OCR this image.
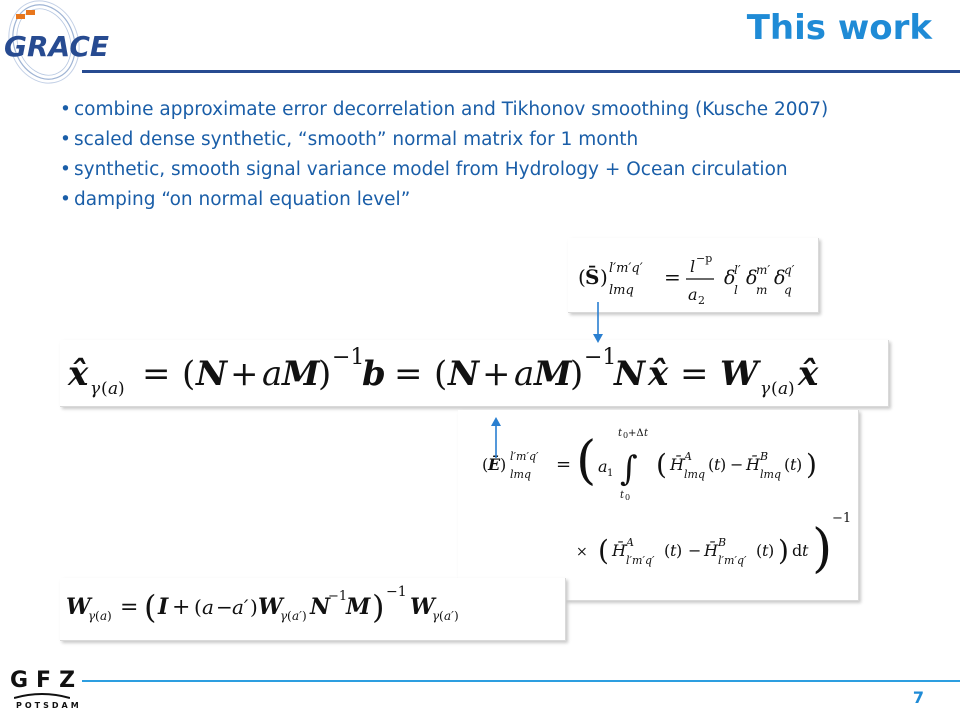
GRACE	This work
• combine approximate error decorrelation and Tikhonov smoothing (Kusche 2007)
• scaled dense synthetic, “smooth” normal matrix for 1 month
• synthetic, smooth signal variance model from Hydrology + Ocean circulation
• damping “on normal equation level”
( S̄ ) l′m′q′
lmq
= l −p
a 2
δ
l′
l
δ
m′
m
δ
q′
q
x̂ γ ( a ) = ( N + a M
) −1
b = ( N + a M
) −1
N x̂ = W γ ( a ) x̂
( Ē ) l′m′q′
lmq = ( a 1
t 0 +Δ t
∫
t 0
( H̄ A
lmq
( t ) − H̄ B
lmq
( t ) )
× ( H̄ A
l′m′q′
( t ) − H̄ B
l′m′q′
( t ) ) d t )
−1
W
γ ( a ) = ( I + ( a − a′ ) W
γ ( a′ ) N
−1
M ) −1
W
γ ( a′ )
GFZ
POTSDAM	7
